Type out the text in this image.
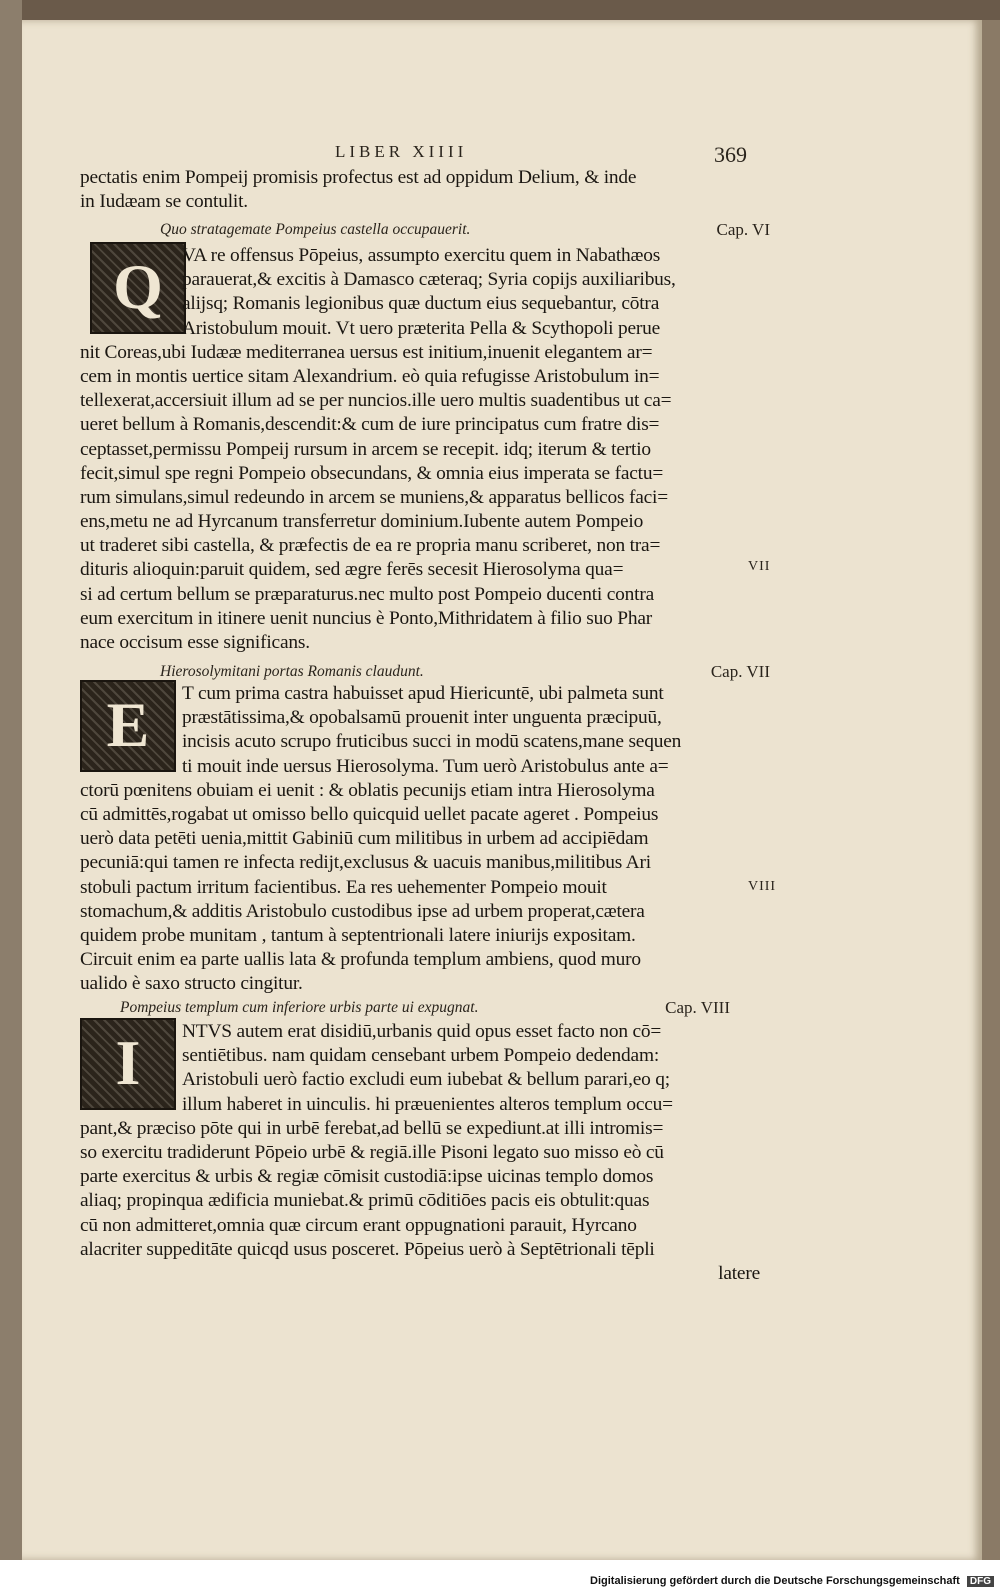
LIBER XIIII	369
pectatis enim Pompeij promisis profectus est ad oppidum Delium, & inde
in Iudæam se contulit.
Quo stratagemate Pompeius castella occupauerit.	Cap. VI
Q VA re offensus Pōpeius, assumpto exercitu quem in Nabathæos
parauerat,& excitis à Damasco cæteraq; Syria copijs auxiliaribus,
alijsq; Romanis legionibus quæ ductum eius sequebantur, cōtra
Aristobulum mouit. Vt uero præterita Pella & Scythopoli perue
nit Coreas,ubi Iudææ mediterranea uersus est initium,inuenit elegantem ar=
cem in montis uertice sitam Alexandrium. eò quia refugisse Aristobulum in=
tellexerat,accersiuit illum ad se per nuncios.ille uero multis suadentibus ut ca=
ueret bellum à Romanis,descendit:& cum de iure principatus cum fratre dis=
ceptasset,permissu Pompeij rursum in arcem se recepit. idq; iterum & tertio
fecit,simul spe regni Pompeio obsecundans, & omnia eius imperata se factu=
rum simulans,simul redeundo in arcem se muniens,& apparatus bellicos faci=
ens,metu ne ad Hyrcanum transferretur dominium.Iubente autem Pompeio
ut traderet sibi castella, & præfectis de ea re propria manu scriberet, non tra=
dituris alioquin:paruit quidem, sed ægre ferēs secesit Hierosolyma qua=
si ad certum bellum se præparaturus.nec multo post Pompeio ducenti contra
eum exercitum in itinere uenit nuncius è Ponto,Mithridatem à filio suo Phar
nace occisum esse significans.
VII
Hierosolymitani portas Romanis claudunt.	Cap. VII
E	T cum prima castra habuisset apud Hiericuntē, ubi palmeta sunt
præstātissima,& opobalsamū prouenit inter unguenta præcipuū,
incisis acuto scrupo fruticibus succi in modū scatens,mane sequen
ti mouit inde uersus Hierosolyma. Tum uerò Aristobulus ante a=
ctorū pœnitens obuiam ei uenit : & oblatis pecunijs etiam intra Hierosolyma
cū admittēs,rogabat ut omisso bello quicquid uellet pacate ageret . Pompeius
uerò data petēti uenia,mittit Gabiniū cum militibus in urbem ad accipiēdam
pecuniā:qui tamen re infecta redijt,exclusus & uacuis manibus,militibus Ari
stobuli pactum irritum facientibus. Ea res uehementer Pompeio mouit
stomachum,& additis Aristobulo custodibus ipse ad urbem properat,cætera
quidem probe munitam , tantum à septentrionali latere iniurijs expositam.
Circuit enim ea parte uallis lata & profunda templum ambiens, quod muro
ualido è saxo structo cingitur.
VIII
Pompeius templum cum inferiore urbis parte ui expugnat.	Cap. VIII
I	NTVS autem erat disidiū,urbanis quid opus esset facto non cō=
sentiētibus. nam quidam censebant urbem Pompeio dedendam:
Aristobuli uerò factio excludi eum iubebat & bellum parari,eo q;
illum haberet in uinculis. hi præuenientes alteros templum occu=
pant,& præciso pōte qui in urbē ferebat,ad bellū se expediunt.at illi intromis=
so exercitu tradiderunt Pōpeio urbē & regiā.ille Pisoni legato suo misso eò cū
parte exercitus & urbis & regiæ cōmisit custodiā:ipse uicinas templo domos
aliaq; propinqua ædificia muniebat.& primū cōditiōes pacis eis obtulit:quas
cū non admitteret,omnia quæ circum erant oppugnationi parauit, Hyrcano
alacriter suppeditāte quicqd usus posceret. Pōpeius uerò à Septētrionali tēpli
latere
Digitalisierung gefördert durch die Deutsche Forschungsgemeinschaft DFG
